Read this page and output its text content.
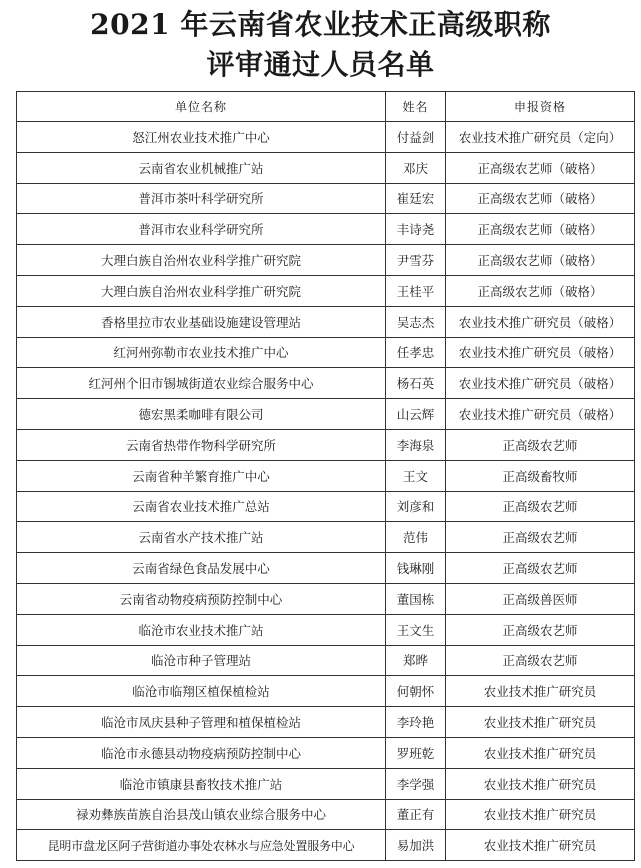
2021 年云南省农业技术正高级职称
评审通过人员名单
单位名称	姓名	申报资格
怒江州农业技术推广中心	付益剑	农业技术推广研究员（定向）
云南省农业机械推广站	邓庆	正高级农艺师（破格）
普洱市茶叶科学研究所	崔廷宏	正高级农艺师（破格）
普洱市农业科学研究所	丰诗尧	正高级农艺师（破格）
大理白族自治州农业科学推广研究院	尹雪芬	正高级农艺师（破格）
大理白族自治州农业科学推广研究院	王桂平	正高级农艺师（破格）
香格里拉市农业基础设施建设管理站	吴志杰	农业技术推广研究员（破格）
红河州弥勒市农业技术推广中心	任孝忠	农业技术推广研究员（破格）
红河州个旧市锡城街道农业综合服务中心	杨石英	农业技术推广研究员（破格）
德宏黑柔咖啡有限公司	山云辉	农业技术推广研究员（破格）
云南省热带作物科学研究所	李海泉	正高级农艺师
云南省种羊繁育推广中心	王文	正高级畜牧师
云南省农业技术推广总站	刘彦和	正高级农艺师
云南省水产技术推广站	范伟	正高级农艺师
云南省绿色食品发展中心	钱琳刚	正高级农艺师
云南省动物疫病预防控制中心	董国栋	正高级兽医师
临沧市农业技术推广站	王文生	正高级农艺师
临沧市种子管理站	郑晔	正高级农艺师
临沧市临翔区植保植检站	何朝怀	农业技术推广研究员
临沧市凤庆县种子管理和植保植检站	李玲艳	农业技术推广研究员
临沧市永德县动物疫病预防控制中心	罗班乾	农业技术推广研究员
临沧市镇康县畜牧技术推广站	李学强	农业技术推广研究员
禄劝彝族苗族自治县茂山镇农业综合服务中心	董正有	农业技术推广研究员
昆明市盘龙区阿子营街道办事处农林水与应急处置服务中心	易加洪	农业技术推广研究员
